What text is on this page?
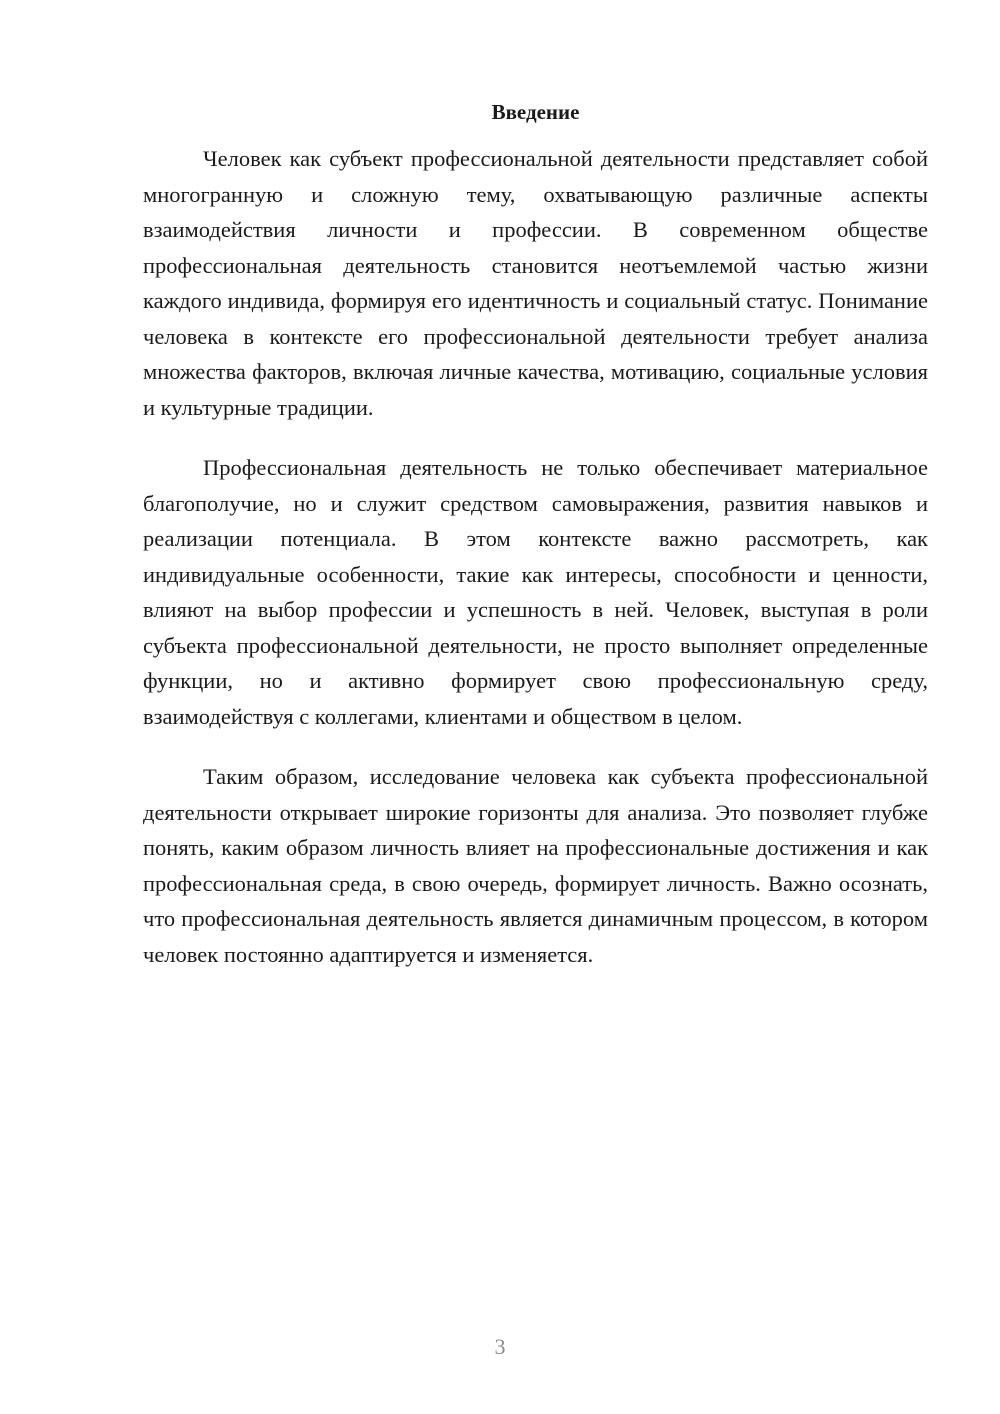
Введение

Человек как субъект профессиональной деятельности представляет собой многогранную и сложную тему, охватывающую различные аспекты взаимодействия личности и профессии. В современном обществе профессиональная деятельность становится неотъемлемой частью жизни каждого индивида, формируя его идентичность и социальный статус. Понимание человека в контексте его профессиональной деятельности требует анализа множества факторов, включая личные качества, мотивацию, социальные условия и культурные традиции.

Профессиональная деятельность не только обеспечивает материальное благополучие, но и служит средством самовыражения, развития навыков и реализации потенциала. В этом контексте важно рассмотреть, как индивидуальные особенности, такие как интересы, способности и ценности, влияют на выбор профессии и успешность в ней. Человек, выступая в роли субъекта профессиональной деятельности, не просто выполняет определенные функции, но и активно формирует свою профессиональную среду, взаимодействуя с коллегами, клиентами и обществом в целом.

Таким образом, исследование человека как субъекта профессиональной деятельности открывает широкие горизонты для анализа. Это позволяет глубже понять, каким образом личность влияет на профессиональные достижения и как профессиональная среда, в свою очередь, формирует личность. Важно осознать, что профессиональная деятельность является динамичным процессом, в котором человек постоянно адаптируется и изменяется.

3
